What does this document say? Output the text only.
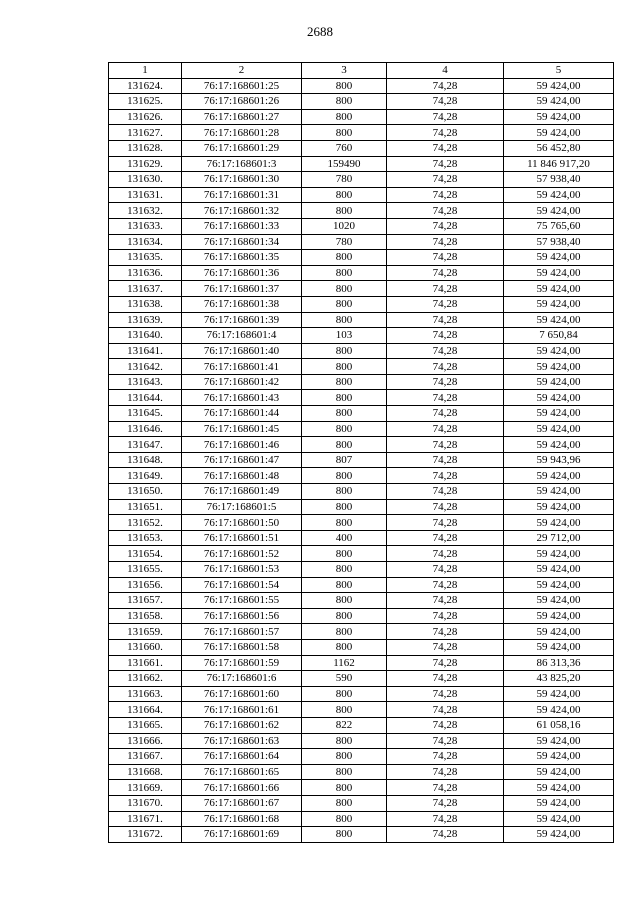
2688
1	2	3	4	5
131624.	76:17:168601:25	800	74,28	59 424,00
131625.	76:17:168601:26	800	74,28	59 424,00
131626.	76:17:168601:27	800	74,28	59 424,00
131627.	76:17:168601:28	800	74,28	59 424,00
131628.	76:17:168601:29	760	74,28	56 452,80
131629.	76:17:168601:3	159490	74,28	11 846 917,20
131630.	76:17:168601:30	780	74,28	57 938,40
131631.	76:17:168601:31	800	74,28	59 424,00
131632.	76:17:168601:32	800	74,28	59 424,00
131633.	76:17:168601:33	1020	74,28	75 765,60
131634.	76:17:168601:34	780	74,28	57 938,40
131635.	76:17:168601:35	800	74,28	59 424,00
131636.	76:17:168601:36	800	74,28	59 424,00
131637.	76:17:168601:37	800	74,28	59 424,00
131638.	76:17:168601:38	800	74,28	59 424,00
131639.	76:17:168601:39	800	74,28	59 424,00
131640.	76:17:168601:4	103	74,28	7 650,84
131641.	76:17:168601:40	800	74,28	59 424,00
131642.	76:17:168601:41	800	74,28	59 424,00
131643.	76:17:168601:42	800	74,28	59 424,00
131644.	76:17:168601:43	800	74,28	59 424,00
131645.	76:17:168601:44	800	74,28	59 424,00
131646.	76:17:168601:45	800	74,28	59 424,00
131647.	76:17:168601:46	800	74,28	59 424,00
131648.	76:17:168601:47	807	74,28	59 943,96
131649.	76:17:168601:48	800	74,28	59 424,00
131650.	76:17:168601:49	800	74,28	59 424,00
131651.	76:17:168601:5	800	74,28	59 424,00
131652.	76:17:168601:50	800	74,28	59 424,00
131653.	76:17:168601:51	400	74,28	29 712,00
131654.	76:17:168601:52	800	74,28	59 424,00
131655.	76:17:168601:53	800	74,28	59 424,00
131656.	76:17:168601:54	800	74,28	59 424,00
131657.	76:17:168601:55	800	74,28	59 424,00
131658.	76:17:168601:56	800	74,28	59 424,00
131659.	76:17:168601:57	800	74,28	59 424,00
131660.	76:17:168601:58	800	74,28	59 424,00
131661.	76:17:168601:59	1162	74,28	86 313,36
131662.	76:17:168601:6	590	74,28	43 825,20
131663.	76:17:168601:60	800	74,28	59 424,00
131664.	76:17:168601:61	800	74,28	59 424,00
131665.	76:17:168601:62	822	74,28	61 058,16
131666.	76:17:168601:63	800	74,28	59 424,00
131667.	76:17:168601:64	800	74,28	59 424,00
131668.	76:17:168601:65	800	74,28	59 424,00
131669.	76:17:168601:66	800	74,28	59 424,00
131670.	76:17:168601:67	800	74,28	59 424,00
131671.	76:17:168601:68	800	74,28	59 424,00
131672.	76:17:168601:69	800	74,28	59 424,00
